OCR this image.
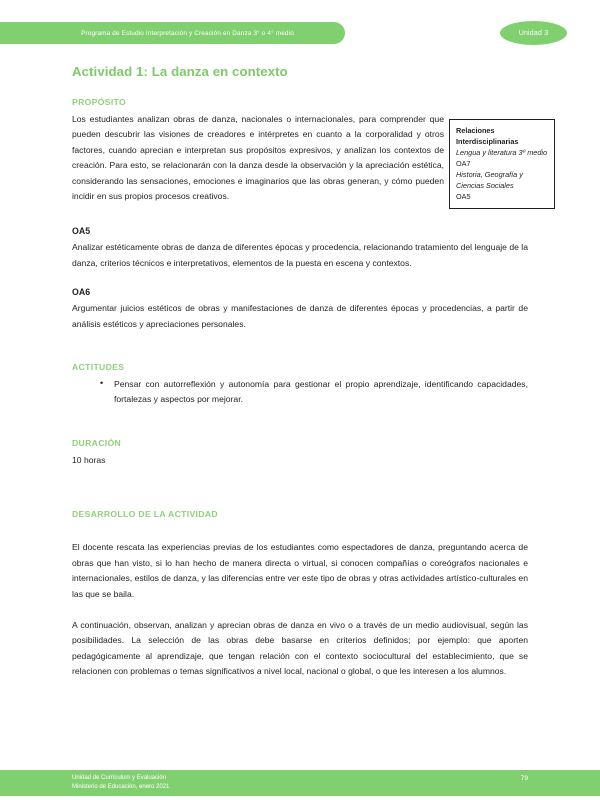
Programa de Estudio Interpretación y Creación en Danza 3° o 4° medio	Unidad 3
Actividad 1: La danza en contexto
PROPÓSITO

Los estudiantes analizan obras de danza, nacionales o internacionales, para comprender que pueden descubrir las visiones de creadores e intérpretes en cuanto a la corporalidad y otros factores, cuando aprecian e interpretan sus propósitos expresivos, y analizan los contextos de creación. Para esto, se relacionarán con la danza desde la observación y la apreciación estética, considerando las sensaciones, emociones e imaginarios que las obras generan, y cómo pueden incidir en sus propios procesos creativos.

Relaciones

Interdisciplinarias

Lengua y literatura 3º medio OA7

Historia, Geografía y Ciencias Sociales

OA5

OA5

Analizar estéticamente obras de danza de diferentes épocas y procedencia, relacionando tratamiento del lenguaje de la danza, criterios técnicos e interpretativos, elementos de la puesta en escena y contextos.

OA6

Argumentar juicios estéticos de obras y manifestaciones de danza de diferentes épocas y procedencias, a partir de análisis estéticos y apreciaciones personales.

ACTITUDES
• Pensar con autorreflexión y autonomía para gestionar el propio aprendizaje, identificando capacidades, fortalezas y aspectos por mejorar.
DURACIÓN

10 horas

DESARROLLO DE LA ACTIVIDAD

El docente rescata las experiencias previas de los estudiantes como espectadores de danza, preguntando acerca de obras que han visto, si lo han hecho de manera directa o virtual, si conocen compañías o coreógrafos nacionales e internacionales, estilos de danza, y las diferencias entre ver este tipo de obras y otras actividades artístico-culturales en las que se baila.

A continuación, observan, analizan y aprecian obras de danza en vivo o a través de un medio audiovisual, según las posibilidades. La selección de las obras debe basarse en criterios definidos; por ejemplo: que aporten pedagógicamente al aprendizaje, que tengan relación con el contexto sociocultural del establecimiento, que se relacionen con problemas o temas significativos a nivel local, nacional o global, o que les interesen a los alumnos.

Unidad de Currículum y Evaluación
Ministerio de Educación, enero 2021
79
